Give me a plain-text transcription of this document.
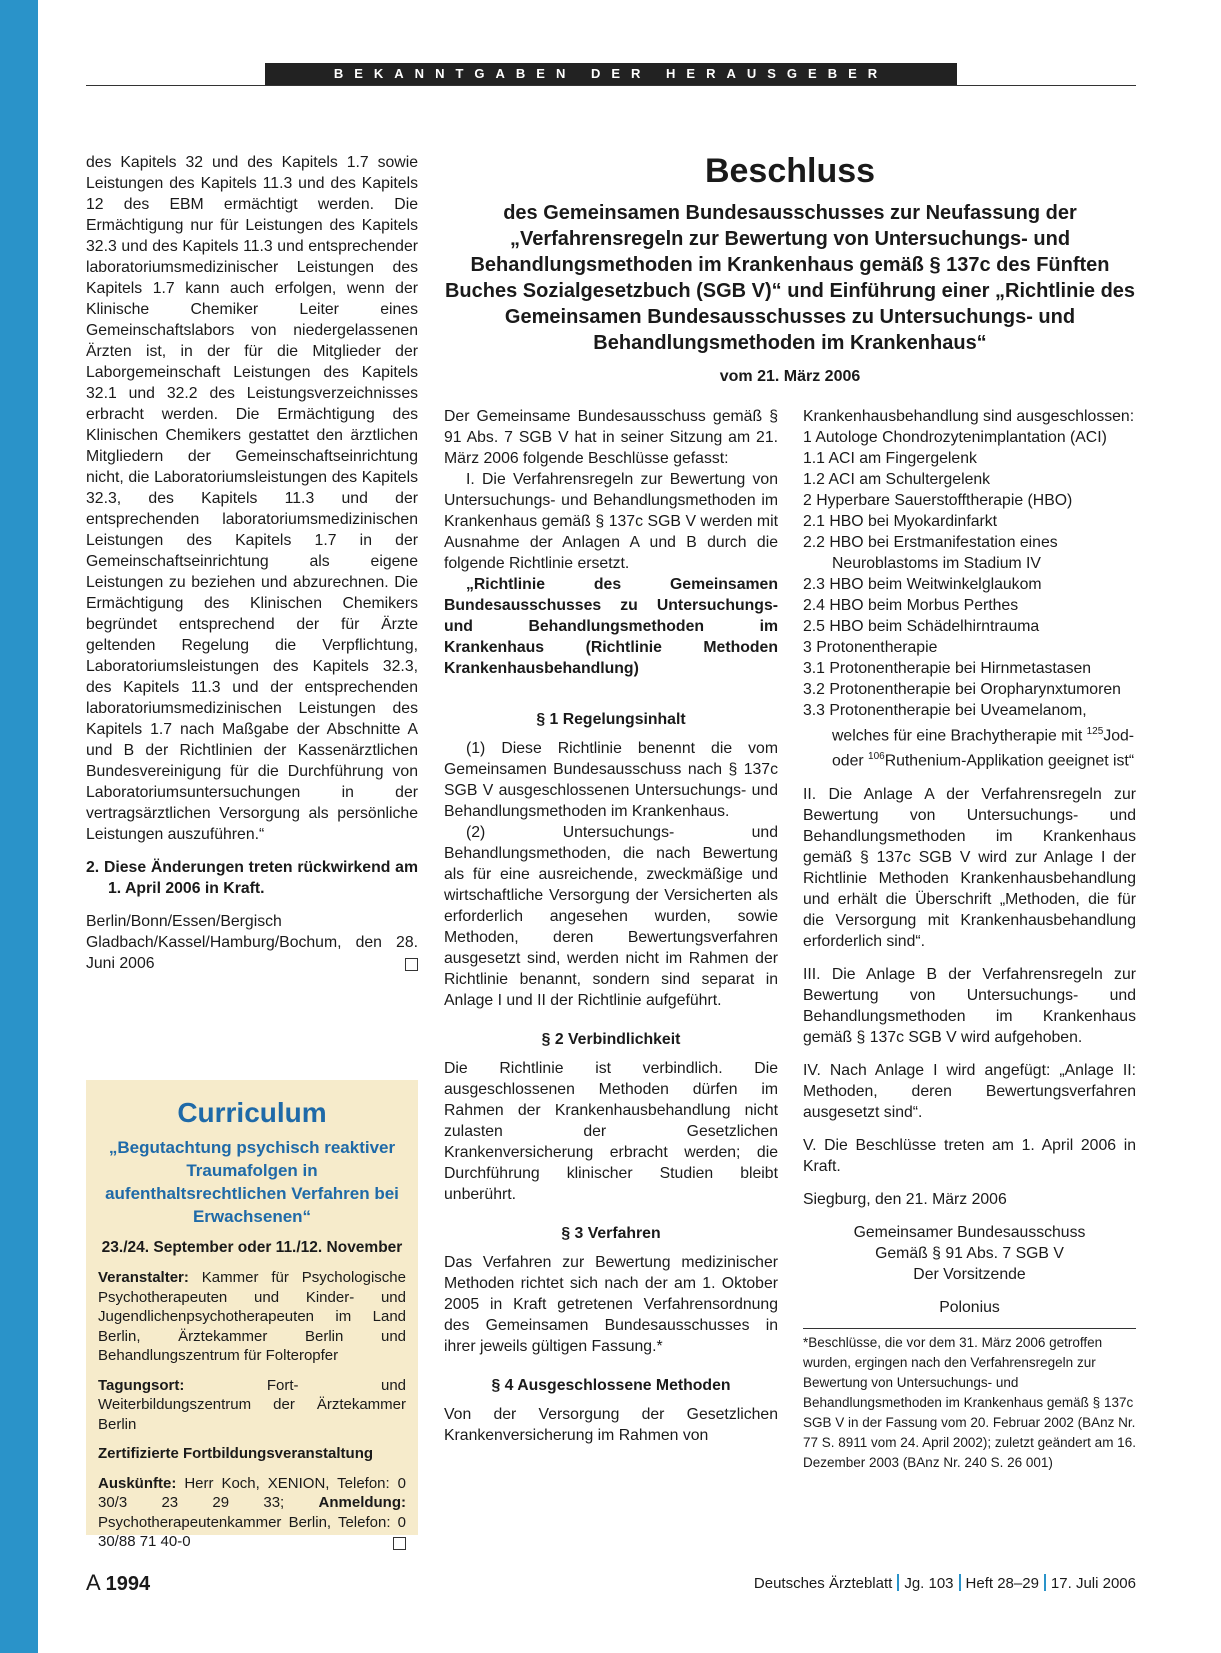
BEKANNTGABEN DER HERAUSGEBER

des Kapitels 32 und des Kapitels 1.7 sowie Leistungen des Kapitels 11.3 und des Kapitels 12 des EBM ermächtigt werden. Die Ermächtigung nur für Leistungen des Kapitels 32.3 und des Kapitels 11.3 und entsprechender laboratoriumsmedizinischer Leistungen des Kapitels 1.7 kann auch erfolgen, wenn der Klinische Chemiker Leiter eines Gemeinschaftslabors von niedergelassenen Ärzten ist, in der für die Mitglieder der Laborgemeinschaft Leistungen des Kapitels 32.1 und 32.2 des Leistungsverzeichnisses erbracht werden. Die Ermächtigung des Klinischen Chemikers gestattet den ärztlichen Mitgliedern der Gemeinschaftseinrichtung nicht, die Laboratoriumsleistungen des Kapitels 32.3, des Kapitels 11.3 und der entsprechenden laboratoriumsmedizinischen Leistungen des Kapitels 1.7 in der Gemeinschaftseinrichtung als eigene Leistungen zu beziehen und abzurechnen. Die Ermächtigung des Klinischen Chemikers begründet entsprechend der für Ärzte geltenden Regelung die Verpflichtung, Laboratoriumsleistungen des Kapitels 32.3, des Kapitels 11.3 und der entsprechenden laboratoriumsmedizinischen Leistungen des Kapitels 1.7 nach Maßgabe der Abschnitte A und B der Richtlinien der Kassenärztlichen Bundesvereinigung für die Durchführung von Laboratoriumsuntersuchungen in der vertragsärztlichen Versorgung als persönliche Leistungen auszuführen.“

2. Diese Änderungen treten rückwirkend am 1. April 2006 in Kraft.

Berlin/Bonn/Essen/Bergisch Gladbach/Kassel/Hamburg/Bochum, den 28. Juni 2006

Curriculum
„Begutachtung psychisch reaktiver Traumafolgen in aufenthaltsrechtlichen Verfahren bei Erwachsenen“
23./24. September oder 11./12. November

Veranstalter: Kammer für Psychologische Psychotherapeuten und Kinder- und Jugendlichenpsychotherapeuten im Land Berlin, Ärztekammer Berlin und Behandlungszentrum für Folteropfer

Tagungsort:	Fort- und Weiterbildungszentrum der Ärztekammer Berlin

Zertifizierte Fortbildungsveranstaltung

Auskünfte: Herr Koch, XENION, Telefon: 0 30/3 23 29 33; Anmeldung: Psychotherapeutenkammer Berlin, Telefon: 0 30/88 71 40-0

Beschluss
des Gemeinsamen Bundesausschusses zur Neufassung der „Verfahrensregeln zur Bewertung von Untersuchungs- und Behandlungsmethoden im Krankenhaus gemäß § 137c des Fünften Buches Sozialgesetzbuch (SGB V)“ und Einführung einer „Richtlinie des Gemeinsamen Bundesausschusses zu Untersuchungs- und Behandlungsmethoden im Krankenhaus“
vom 21. März 2006

Der Gemeinsame Bundesausschuss gemäß § 91 Abs. 7 SGB V hat in seiner Sitzung am 21. März 2006 folgende Beschlüsse gefasst:

I. Die Verfahrensregeln zur Bewertung von Untersuchungs- und Behandlungsmethoden im Krankenhaus gemäß § 137c SGB V werden mit Ausnahme der Anlagen A und B durch die folgende Richtlinie ersetzt.

„Richtlinie des Gemeinsamen Bundesausschusses zu Untersuchungs- und Behandlungsmethoden im Krankenhaus (Richtlinie Methoden Krankenhausbehandlung)

§ 1 Regelungsinhalt

(1) Diese Richtlinie benennt die vom Gemeinsamen Bundesausschuss nach § 137c SGB V ausgeschlossenen Untersuchungs- und Behandlungsmethoden im Krankenhaus.

(2) Untersuchungs- und Behandlungsmethoden, die nach Bewertung als für eine ausreichende, zweckmäßige und wirtschaftliche Versorgung der Versicherten als erforderlich angesehen wurden, sowie Methoden, deren Bewertungsverfahren ausgesetzt sind, werden nicht im Rahmen der Richtlinie benannt, sondern sind separat in Anlage I und II der Richtlinie aufgeführt.

§ 2 Verbindlichkeit

Die Richtlinie ist verbindlich. Die ausgeschlossenen Methoden dürfen im Rahmen der Krankenhausbehandlung nicht zulasten der Gesetzlichen Krankenversicherung erbracht werden; die Durchführung klinischer Studien bleibt unberührt.

§ 3 Verfahren

Das Verfahren zur Bewertung medizinischer Methoden richtet sich nach der am 1. Oktober 2005 in Kraft getretenen Verfahrensordnung des Gemeinsamen Bundesausschusses in ihrer jeweils gültigen Fassung.*

§ 4 Ausgeschlossene Methoden

Von der Versorgung der Gesetzlichen Krankenversicherung im Rahmen von

Krankenhausbehandlung sind ausgeschlossen:

1 Autologe Chondrozytenimplantation (ACI)

1.1 ACI am Fingergelenk

1.2 ACI am Schultergelenk

2 Hyperbare Sauerstofftherapie (HBO)

2.1 HBO bei Myokardinfarkt

2.2 HBO bei Erstmanifestation eines Neuroblastoms im Stadium IV

2.3 HBO beim Weitwinkelglaukom

2.4 HBO beim Morbus Perthes

2.5 HBO beim Schädelhirntrauma

3 Protonentherapie

3.1 Protonentherapie bei Hirnmetastasen

3.2 Protonentherapie bei Oropharynxtumoren

3.3 Protonentherapie bei Uveamelanom, welches für eine Brachytherapie mit $^{125}$Jod- oder $^{106}$Ruthenium-Applikation geeignet ist“

II. Die Anlage A der Verfahrensregeln zur Bewertung von Untersuchungs- und Behandlungsmethoden im Krankenhaus gemäß § 137c SGB V wird zur Anlage I der Richtlinie Methoden Krankenhausbehandlung und erhält die Überschrift „Methoden, die für die Versorgung mit Krankenhausbehandlung erforderlich sind“.

III. Die Anlage B der Verfahrensregeln zur Bewertung von Untersuchungs- und Behandlungsmethoden im Krankenhaus gemäß § 137c SGB V wird aufgehoben.

IV. Nach Anlage I wird angefügt: „Anlage II: Methoden, deren Bewertungsverfahren ausgesetzt sind“.

V. Die Beschlüsse treten am 1. April 2006 in Kraft.

Siegburg, den 21. März 2006

Gemeinsamer Bundesausschuss

Gemäß § 91 Abs. 7 SGB V

Der Vorsitzende

Polonius

*Beschlüsse, die vor dem 31. März 2006 getroffen wurden, ergingen nach den Verfahrensregeln zur Bewertung von Untersuchungs- und Behandlungsmethoden im Krankenhaus gemäß § 137c SGB V in der Fassung vom 20. Februar 2002 (BAnz Nr. 77 S. 8911 vom 24. April 2002); zuletzt geändert am 16. Dezember 2003 (BAnz Nr. 240 S. 26 001)

A 1994	Deutsches Ärzteblatt Jg. 103 Heft 28–29 17. Juli 2006
